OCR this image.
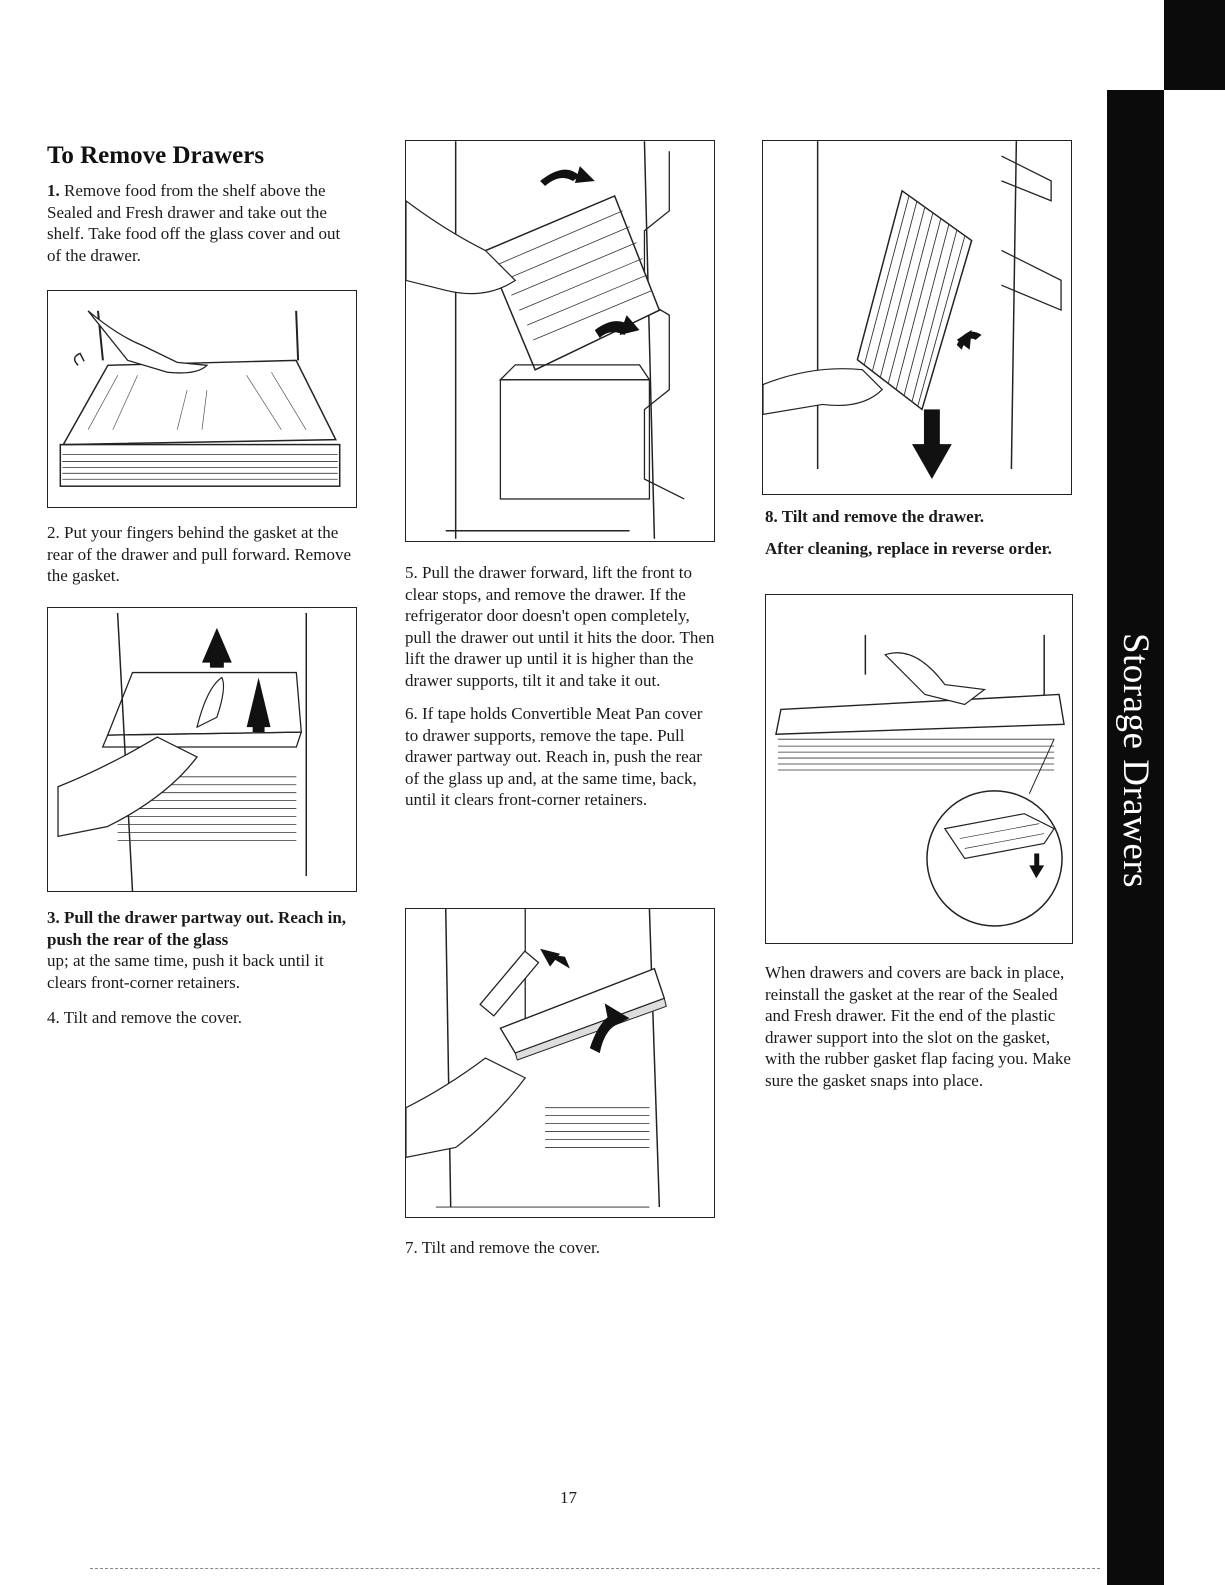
Storage Drawers
To Remove Drawers

1. Remove food from the shelf above the Sealed and Fresh drawer and take out the shelf. Take food off the glass cover and out of the drawer.

2. Put your fingers behind the gasket at the rear of the drawer and pull forward. Remove the gasket.

3. Pull the drawer partway out. Reach in, push the rear of the glass

up; at the same time, push it back until it clears front-corner retainers.

4. Tilt and remove the cover.

5. Pull the drawer forward, lift the front to clear stops, and remove the drawer. If the refrigerator door doesn't open completely, pull the drawer out until it hits the door. Then lift the drawer up until it is higher than the drawer supports, tilt it and take it out.

6. If tape holds Convertible Meat Pan cover to drawer supports, remove the tape. Pull drawer partway out. Reach in, push the rear of the glass up and, at the same time, back, until it clears front-corner retainers.

7. Tilt and remove the cover.

8. Tilt and remove the drawer.

After cleaning, replace in reverse order.

When drawers and covers are back in place, reinstall the gasket at the rear of the Sealed and Fresh drawer. Fit the end of the plastic drawer support into the slot on the gasket, with the rubber gasket flap facing you. Make sure the gasket snaps into place.

17
